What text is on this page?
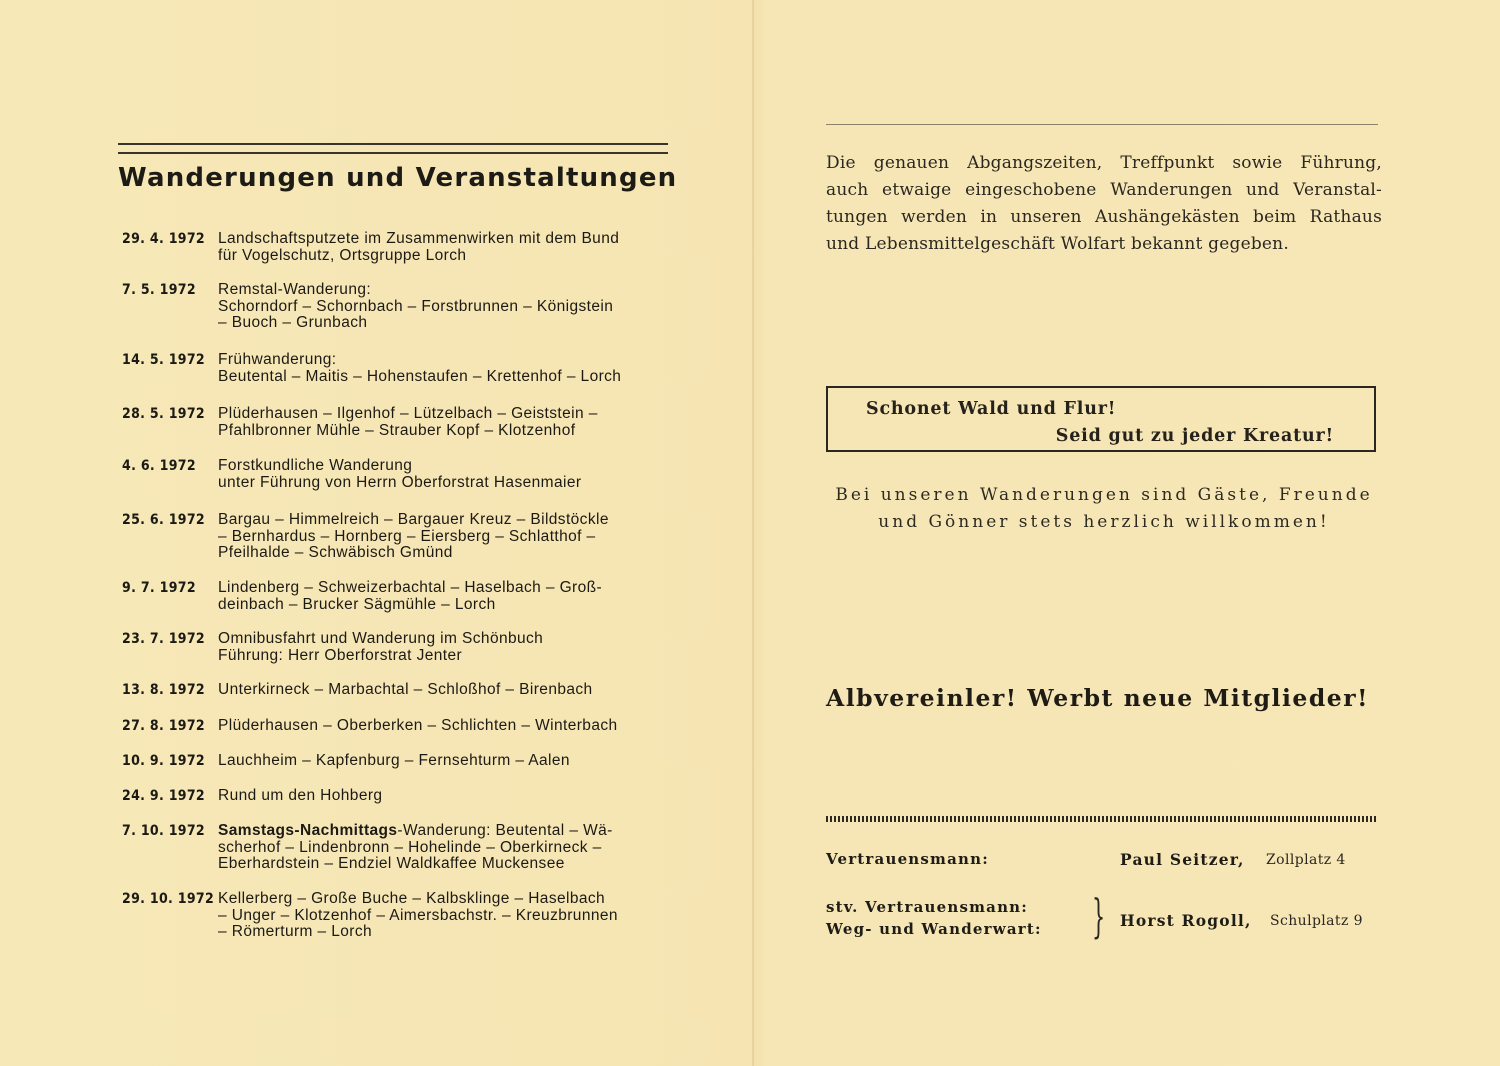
Wanderungen und Veranstaltungen
29. 4. 1972 Landschaftsputzete im Zusammenwirken mit dem Bund
für Vogelschutz, Ortsgruppe Lorch
7. 5. 1972	Remstal-Wanderung:
Schorndorf – Schornbach – Forstbrunnen – Königstein
– Buoch – Grunbach
14. 5. 1972 Frühwanderung:
Beutental – Maitis – Hohenstaufen – Krettenhof – Lorch
28. 5. 1972 Plüderhausen – Ilgenhof – Lützelbach – Geiststein –
Pfahlbronner Mühle – Strauber Kopf – Klotzenhof
4. 6. 1972	Forstkundliche Wanderung
unter Führung von Herrn Oberforstrat Hasenmaier
25. 6. 1972 Bargau – Himmelreich – Bargauer Kreuz – Bildstöckle
– Bernhardus – Hornberg – Eiersberg – Schlatthof –
Pfeilhalde – Schwäbisch Gmünd
9. 7. 1972	Lindenberg – Schweizerbachtal – Haselbach – Groß-
deinbach – Brucker Sägmühle – Lorch
23. 7. 1972 Omnibusfahrt und Wanderung im Schönbuch
Führung: Herr Oberforstrat Jenter
13. 8. 1972 Unterkirneck – Marbachtal – Schloßhof – Birenbach
27. 8. 1972 Plüderhausen – Oberberken – Schlichten – Winterbach
10. 9. 1972 Lauchheim – Kapfenburg – Fernsehturm – Aalen
24. 9. 1972 Rund um den Hohberg
7. 10. 1972 Samstags-Nachmittags-Wanderung: Beutental – Wä-
scherhof – Lindenbronn – Hohelinde – Oberkirneck –
Eberhardstein – Endziel Waldkaffee Muckensee
29. 10. 1972 Kellerberg – Große Buche – Kalbsklinge – Haselbach
– Unger – Klotzenhof – Aimersbachstr. – Kreuzbrunnen
– Römerturm – Lorch
Die genauen Abgangszeiten, Treffpunkt sowie Führung,
auch etwaige eingeschobene Wanderungen und Veranstal-
tungen werden in unseren Aushängekästen beim Rathaus
und Lebensmittelgeschäft Wolfart bekannt gegeben.
Schonet Wald und Flur!
Seid gut zu jeder Kreatur!
Bei unseren Wanderungen sind Gäste, Freunde
und Gönner stets herzlich willkommen!
Albvereinler! Werbt neue Mitglieder!
Vertrauensmann:	Paul Seitzer, Zollplatz 4
stv. Vertrauensmann:
Weg- und Wanderwart: } Horst Rogoll, Schulplatz 9
